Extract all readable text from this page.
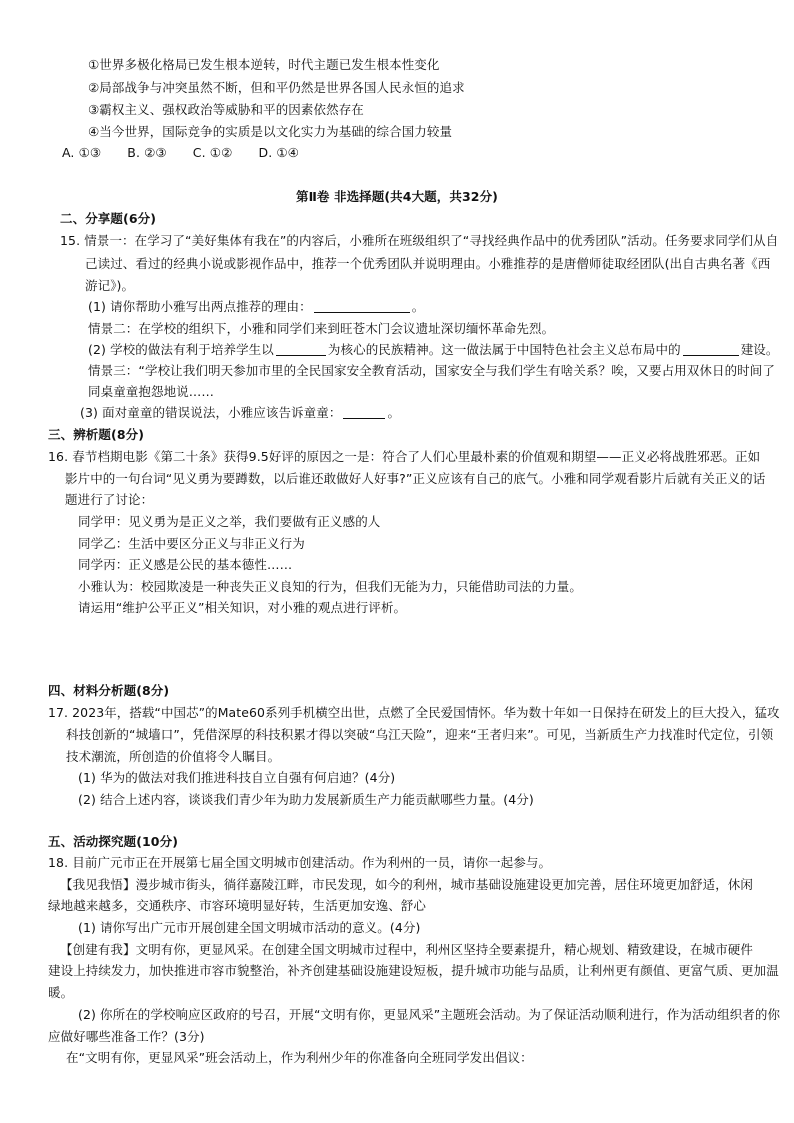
①世界多极化格局已发生根本逆转，时代主题已发生根本性变化
②局部战争与冲突虽然不断，但和平仍然是世界各国人民永恒的追求
③霸权主义、强权政治等威胁和平的因素依然存在
④当今世界，国际竞争的实质是以文化实力为基础的综合国力较量
A. ①③ B. ②③ C. ①② D. ①④
第Ⅱ卷 非选择题(共4大题，共32分)
二、分享题(6分)
15. 情景一：在学习了“美好集体有我在”的内容后，小雅所在班级组织了“寻找经典作品中的优秀团队”活动。任务要求同学们从自
己读过、看过的经典小说或影视作品中，推荐一个优秀团队并说明理由。小雅推荐的是唐僧师徒取经团队(出自古典名著《西
游记》)。
(1) 请你帮助小雅写出两点推荐的理由：	。
情景二：在学校的组织下，小雅和同学们来到旺苍木门会议遗址深切缅怀革命先烈。
(2) 学校的做法有利于培养学生以	为核心的民族精神。这一做法属于中国特色社会主义总布局中的	建设。
情景三：“学校让我们明天参加市里的全民国家安全教育活动，国家安全与我们学生有啥关系？唉，又要占用双休日的时间了
同桌童童抱怨地说……
(3) 面对童童的错误说法，小雅应该告诉童童：	。
三、辨析题(8分)
16. 春节档期电影《第二十条》获得9.5好评的原因之一是：符合了人们心里最朴素的价值观和期望——正义必将战胜邪恶。正如
影片中的一句台词“见义勇为要蹲数，以后谁还敢做好人好事?”正义应该有自己的底气。小雅和同学观看影片后就有关正义的话
题进行了讨论：
同学甲：见义勇为是正义之举，我们要做有正义感的人
同学乙：生活中要区分正义与非正义行为
同学丙：正义感是公民的基本德性……
小雅认为：校园欺凌是一种丧失正义良知的行为，但我们无能为力，只能借助司法的力量。
请运用“维护公平正义”相关知识，对小雅的观点进行评析。
四、材料分析题(8分)
17. 2023年，搭载“中国芯”的Mate60系列手机横空出世，点燃了全民爱国情怀。华为数十年如一日保持在研发上的巨大投入，猛攻
科技创新的“城墙口”，凭借深厚的科技积累才得以突破“乌江天险”，迎来“王者归来”。可见，当新质生产力找准时代定位，引领
技术潮流，所创造的价值将令人瞩目。
(1) 华为的做法对我们推进科技自立自强有何启迪？(4分)
(2) 结合上述内容，谈谈我们青少年为助力发展新质生产力能贡献哪些力量。(4分)
五、活动探究题(10分)
18. 目前广元市正在开展第七届全国文明城市创建活动。作为利州的一员，请你一起参与。
【我见我悟】漫步城市街头，徜徉嘉陵江畔，市民发现，如今的利州，城市基础设施建设更加完善，居住环境更加舒适，休闲
绿地越来越多，交通秩序、市容环境明显好转，生活更加安逸、舒心
(1) 请你写出广元市开展创建全国文明城市活动的意义。(4分)
【创建有我】文明有你，更显风采。在创建全国文明城市过程中，利州区坚持全要素提升，精心规划、精致建设，在城市硬件
建设上持续发力，加快推进市容市貌整治，补齐创建基础设施建设短板，提升城市功能与品质，让利州更有颜值、更富气质、更加温
暖。
(2) 你所在的学校响应区政府的号召，开展“文明有你，更显风采”主题班会活动。为了保证活动顺利进行，作为活动组织者的你
应做好哪些准备工作？(3分)
在“文明有你，更显风采”班会活动上，作为利州少年的你准备向全班同学发出倡议：
